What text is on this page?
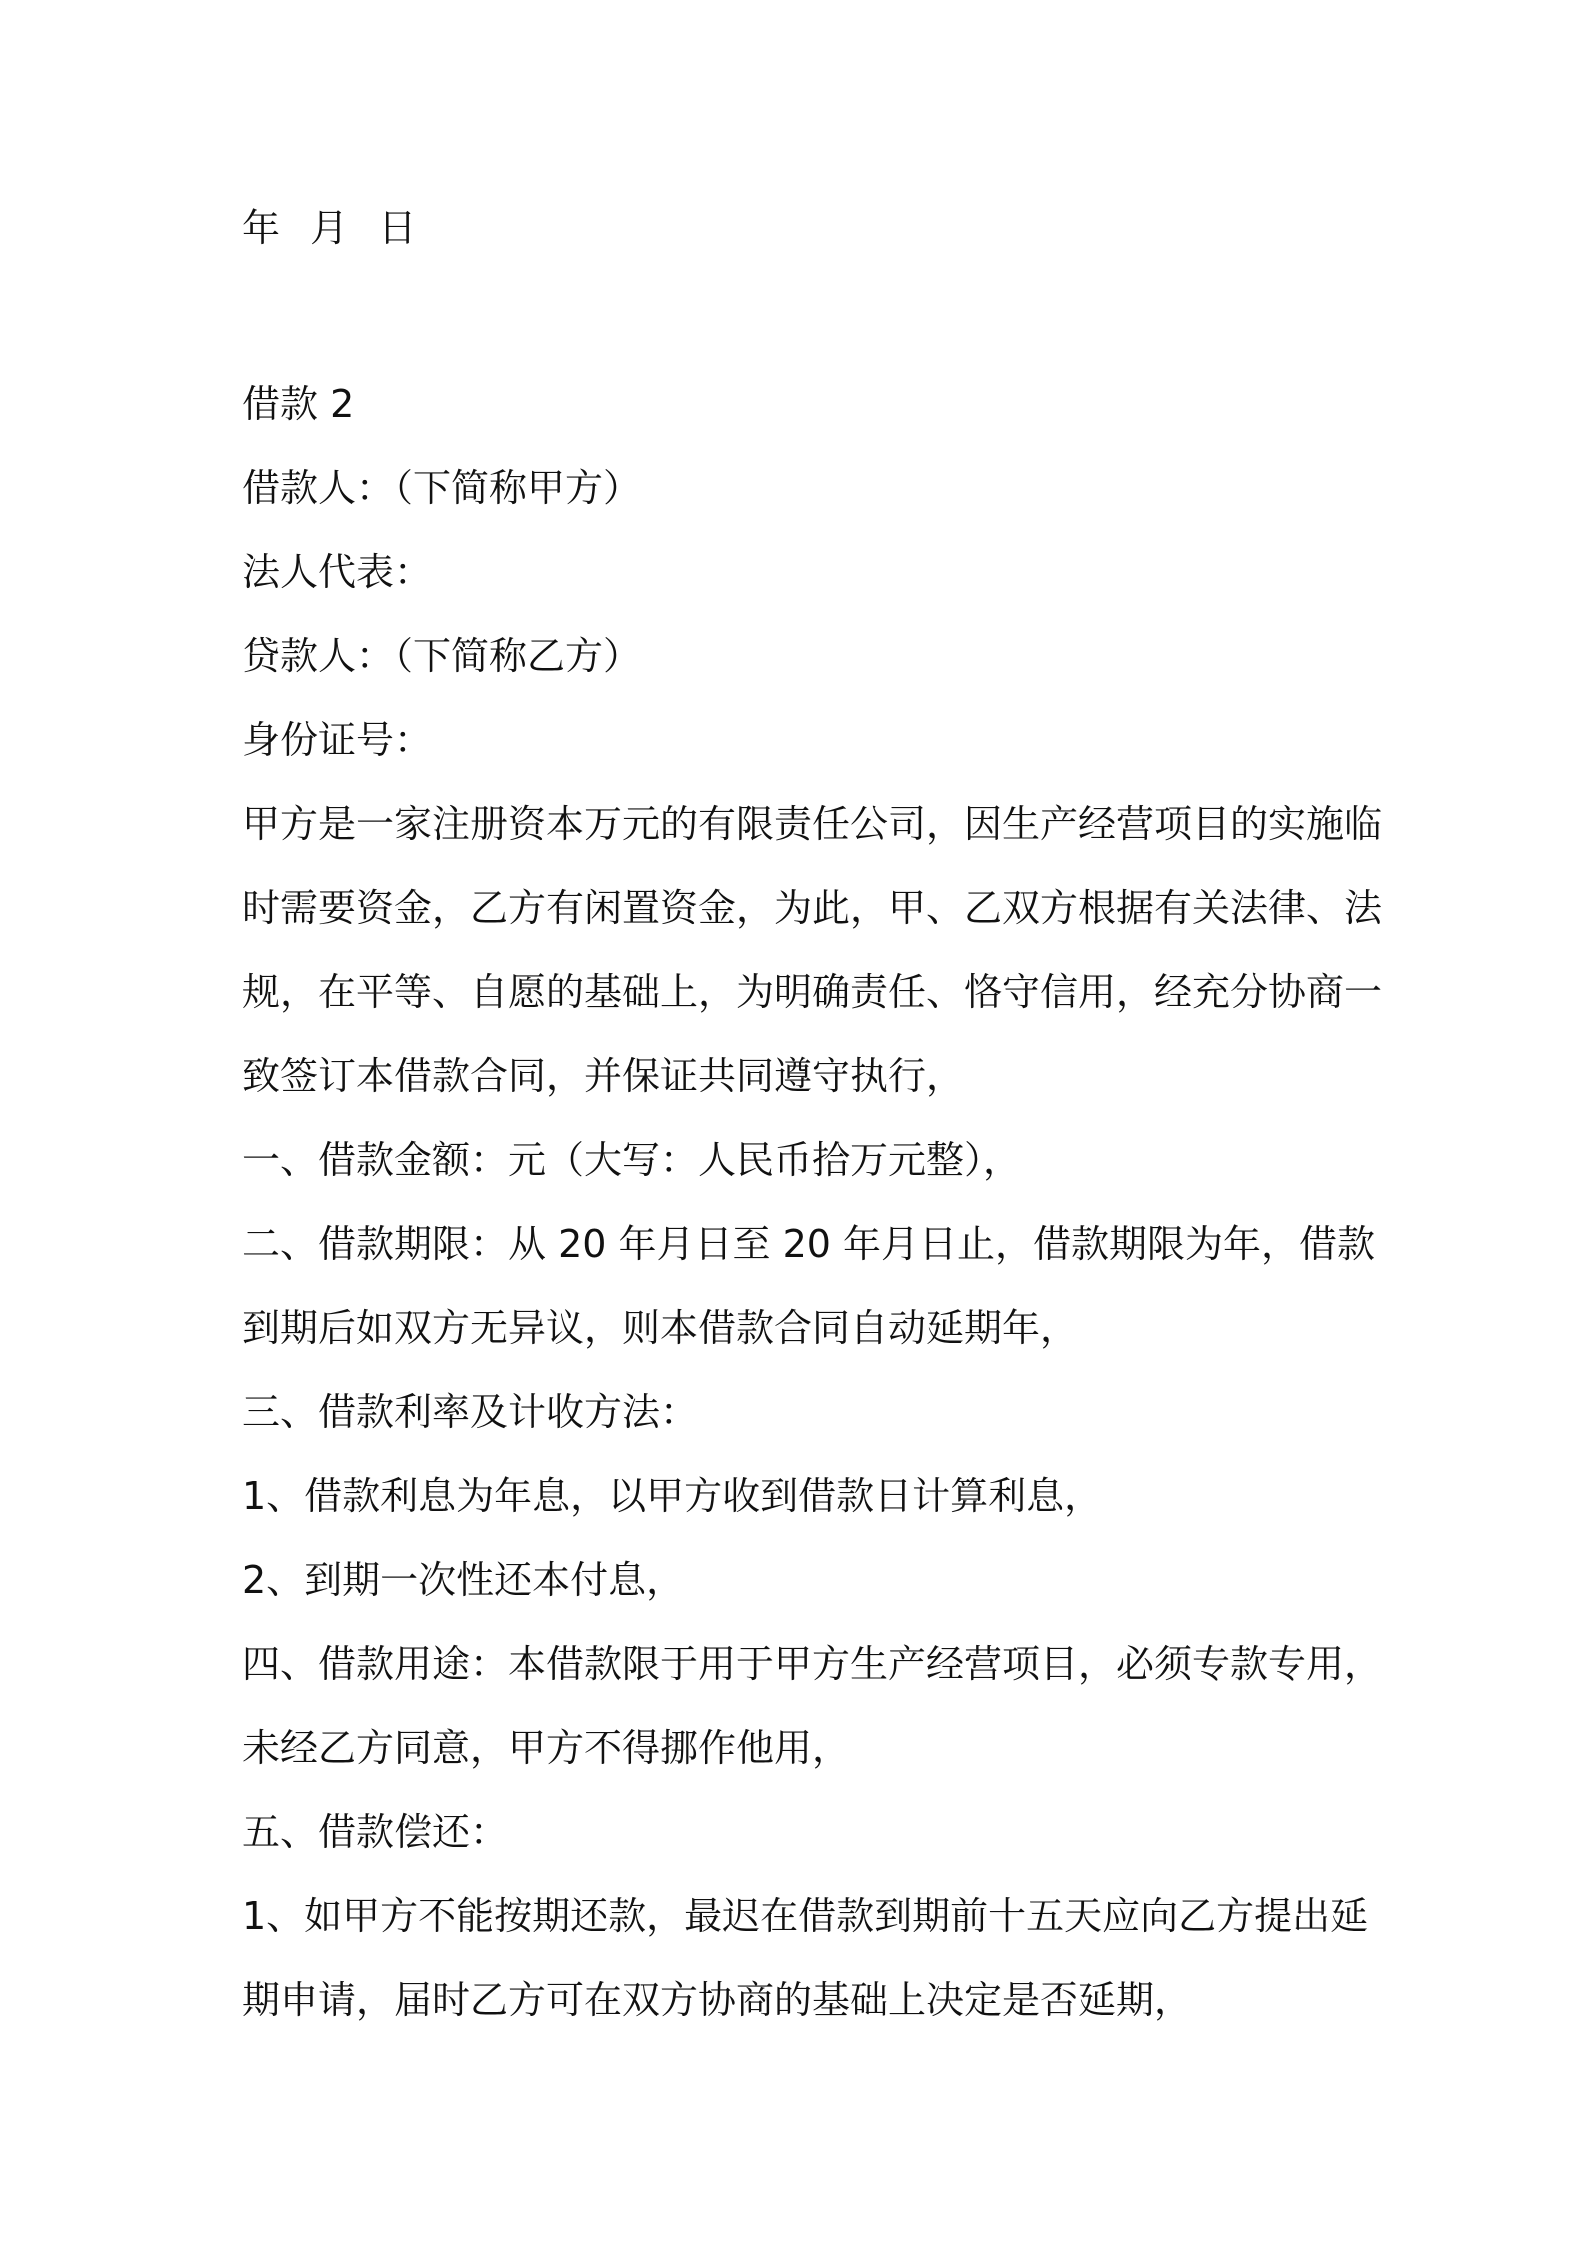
年  月  日

借款 2

借款人：（下简称甲方）

法人代表：

贷款人：（下简称乙方）

身份证号：

甲方是一家注册资本万元的有限责任公司，因生产经营项目的实施临

时需要资金，乙方有闲置资金，为此，甲、乙双方根据有关法律、法

规，在平等、自愿的基础上，为明确责任、恪守信用，经充分协商一

致签订本借款合同，并保证共同遵守执行，

一、借款金额：元（大写：人民币拾万元整），

二、借款期限：从 20 年月日至 20 年月日止，借款期限为年，借款

到期后如双方无异议，则本借款合同自动延期年，

三、借款利率及计收方法：

1、借款利息为年息，以甲方收到借款日计算利息，

2、到期一次性还本付息，

四、借款用途：本借款限于用于甲方生产经营项目，必须专款专用，

未经乙方同意，甲方不得挪作他用，

五、借款偿还：

1、如甲方不能按期还款，最迟在借款到期前十五天应向乙方提出延

期申请，届时乙方可在双方协商的基础上决定是否延期，
